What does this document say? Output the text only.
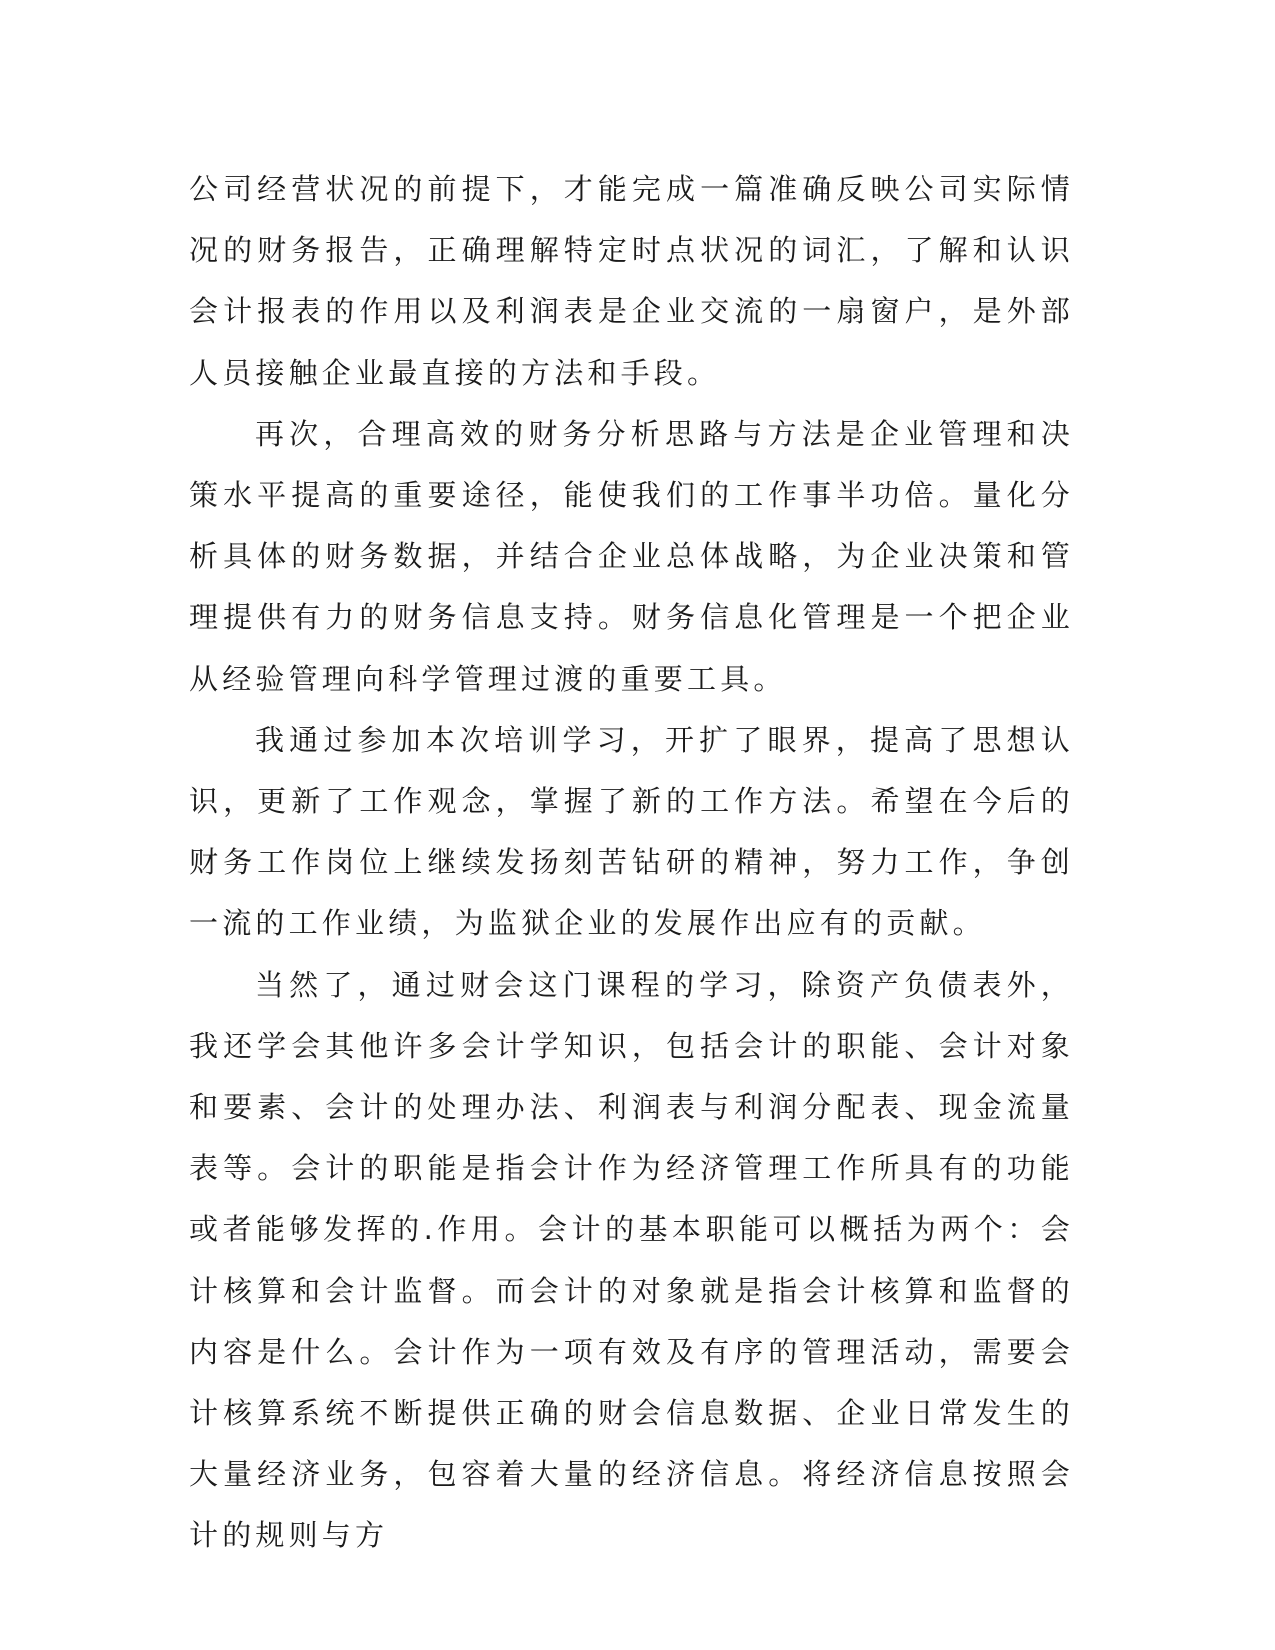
公司经营状况的前提下，才能完成一篇准确反映公司实际情况的财务报告，正确理解特定时点状况的词汇，了解和认识会计报表的作用以及利润表是企业交流的一扇窗户，是外部人员接触企业最直接的方法和手段。

再次，合理高效的财务分析思路与方法是企业管理和决策水平提高的重要途径，能使我们的工作事半功倍。量化分析具体的财务数据，并结合企业总体战略，为企业决策和管理提供有力的财务信息支持。财务信息化管理是一个把企业从经验管理向科学管理过渡的重要工具。

我通过参加本次培训学习，开扩了眼界，提高了思想认识，更新了工作观念，掌握了新的工作方法。希望在今后的财务工作岗位上继续发扬刻苦钻研的精神，努力工作，争创一流的工作业绩，为监狱企业的发展作出应有的贡献。

当然了，通过财会这门课程的学习，除资产负债表外，我还学会其他许多会计学知识，包括会计的职能、会计对象和要素、会计的处理办法、利润表与利润分配表、现金流量表等。会计的职能是指会计作为经济管理工作所具有的功能或者能够发挥的.作用。会计的基本职能可以概括为两个：会计核算和会计监督。而会计的对象就是指会计核算和监督的内容是什么。会计作为一项有效及有序的管理活动，需要会计核算系统不断提供正确的财会信息数据、企业日常发生的大量经济业务，包容着大量的经济信息。将经济信息按照会计的规则与方
